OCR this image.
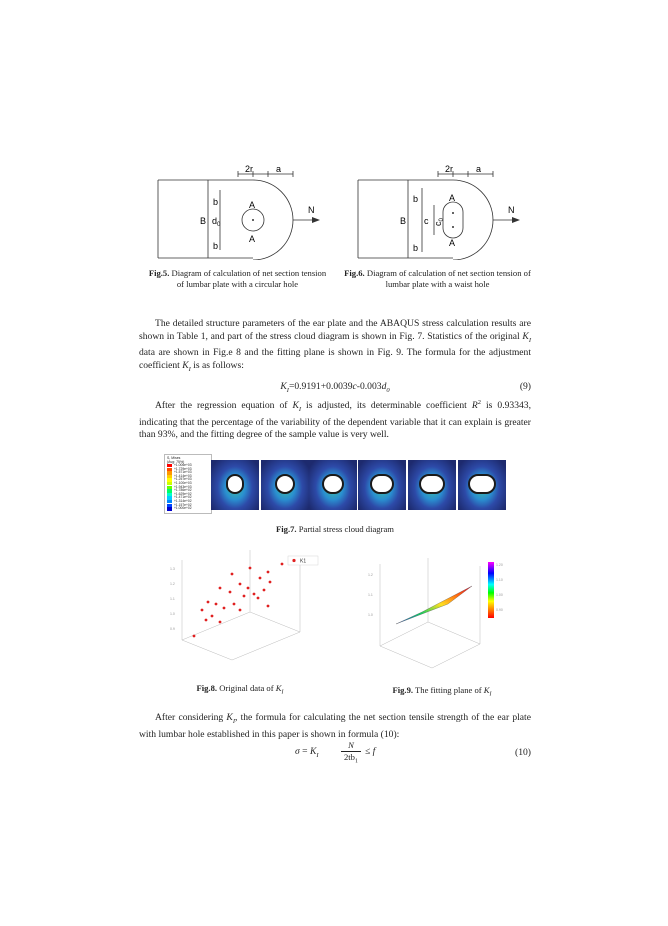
2r	a
b
b
B $d_0$
A
A
N
Fig.5. Diagram of calculation of net section tension of lumbar plate with a circular hole
2r	a
b
b
B c $c_0$
A
A
N
Fig.6. Diagram of calculation of net section tension of lumbar plate with a waist hole
The detailed structure parameters of the ear plate and the ABAQUS stress calculation results are shown in Table 1, and part of the stress cloud diagram is shown in Fig. 7. Statistics of the original $K_I$ data are shown in Fig.e 8 and the fitting plane is shown in Fig. 9. The formula for the adjustment coefficient $K_I$ is as follows:
$K_I=0.9191+0.0039c-0.003d_0$	(9)
After the regression equation of $K_I$ is adjusted, its determinable coefficient $R^2$ is 0.93343, indicating that the percentage of the variability of the dependent variable that it can explain is greater than 93%, and the fitting degree of the sample value is very well.
S, Mises
(Avg: 75%)
+1.006e+03
+1.729e+03
+1.571e+03
+1.414e+03
+1.257e+03
+1.100e+03
+1.943e+03
+1.786e+02
+1.629e+02
+1.471e+02
+1.314e+02
+1.157e+02
+1.000e+02
Fig.7. Partial stress cloud diagram
1.3
1.2
1.1
1.0
0.9
K1
Fig.8. Original data of $K_I$
1.2
1.1
1.0
1.20
1.10
1.00
0.90
Fig.9. The fitting plane of $K_I$
After considering $K_I$, the formula for calculating the net section tensile strength of the ear plate with lumbar hole established in this paper is shown in formula (10):
$\sigma = K_I$
N
$2tb_1$
≤ f	(10)
